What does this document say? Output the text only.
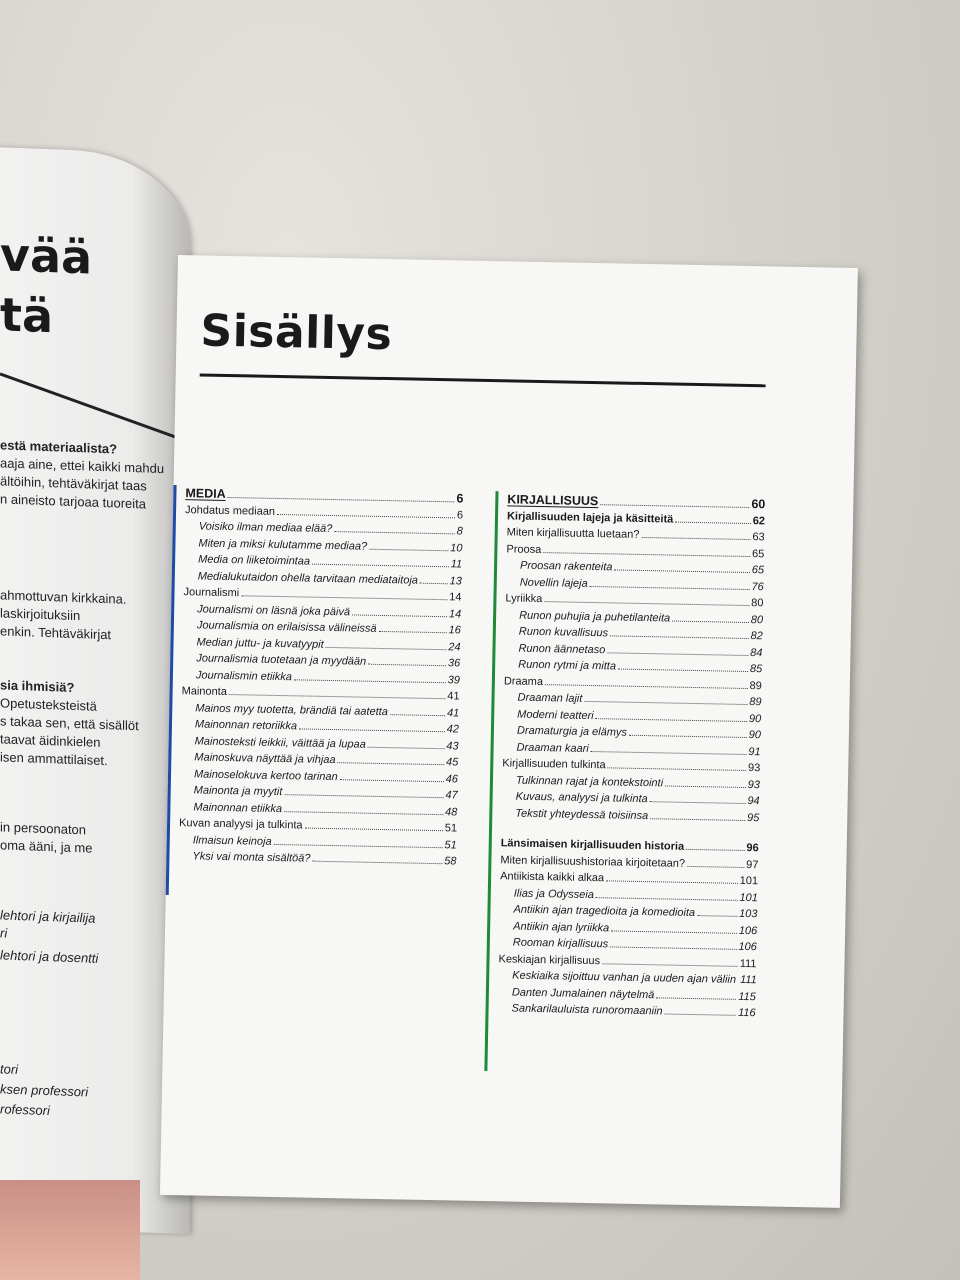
vää
tä
estä materiaalista?
aaja aine, ettei kaikki mahdu
ältöihin, tehtäväkirjat taas
n aineisto tarjoaa tuoreita
ahmottuvan kirkkaina.
laskirjoituksiin
enkin. Tehtäväkirjat
sia ihmisiä?
Opetusteksteistä
s takaa sen, että sisällöt
taavat äidinkielen
isen ammattilaiset.
in persoonaton
oma ääni, ja me
lehtori ja kirjailija
ri
lehtori ja dosentti
tori
ksen professori
rofessori
Sisällys
MEDIA	6
Johdatus mediaan	6
Voisiko ilman mediaa elää?	8
Miten ja miksi kulutamme mediaa?	10
Media on liiketoimintaa	11
Medialukutaidon ohella tarvitaan mediataitoja	13
Journalismi	14
Journalismi on läsnä joka päivä	14
Journalismia on erilaisissa välineissä	16
Median juttu- ja kuvatyypit	24
Journalismia tuotetaan ja myydään	36
Journalismin etiikka	39
Mainonta	41
Mainos myy tuotetta, brändiä tai aatetta	41
Mainonnan retoriikka	42
Mainosteksti leikkii, väittää ja lupaa	43
Mainoskuva näyttää ja vihjaa	45
Mainoselokuva kertoo tarinan	46
Mainonta ja myytit	47
Mainonnan etiikka	48
Kuvan analyysi ja tulkinta	51
Ilmaisun keinoja	51
Yksi vai monta sisältöä?	58
KIRJALLISUUS	60
Kirjallisuuden lajeja ja käsitteitä	62
Miten kirjallisuutta luetaan?	63
Proosa	65
Proosan rakenteita	65
Novellin lajeja	76
Lyriikka	80
Runon puhujia ja puhetilanteita	80
Runon kuvallisuus	82
Runon äännetaso	84
Runon rytmi ja mitta	85
Draama	89
Draaman lajit	89
Moderni teatteri	90
Dramaturgia ja elämys	90
Draaman kaari	91
Kirjallisuuden tulkinta	93
Tulkinnan rajat ja kontekstointi	93
Kuvaus, analyysi ja tulkinta	94
Tekstit yhteydessä toisiinsa	95
Länsimaisen kirjallisuuden historia	96
Miten kirjallisuushistoriaa kirjoitetaan?	97
Antiikista kaikki alkaa	101
Ilias ja Odysseia	101
Antiikin ajan tragedioita ja komedioita	103
Antiikin ajan lyriikka	106
Rooman kirjallisuus	106
Keskiajan kirjallisuus	111
Keskiaika sijoittuu vanhan ja uuden ajan väliin 111
Danten Jumalainen näytelmä	115
Sankarilauluista runoromaaniin	116
